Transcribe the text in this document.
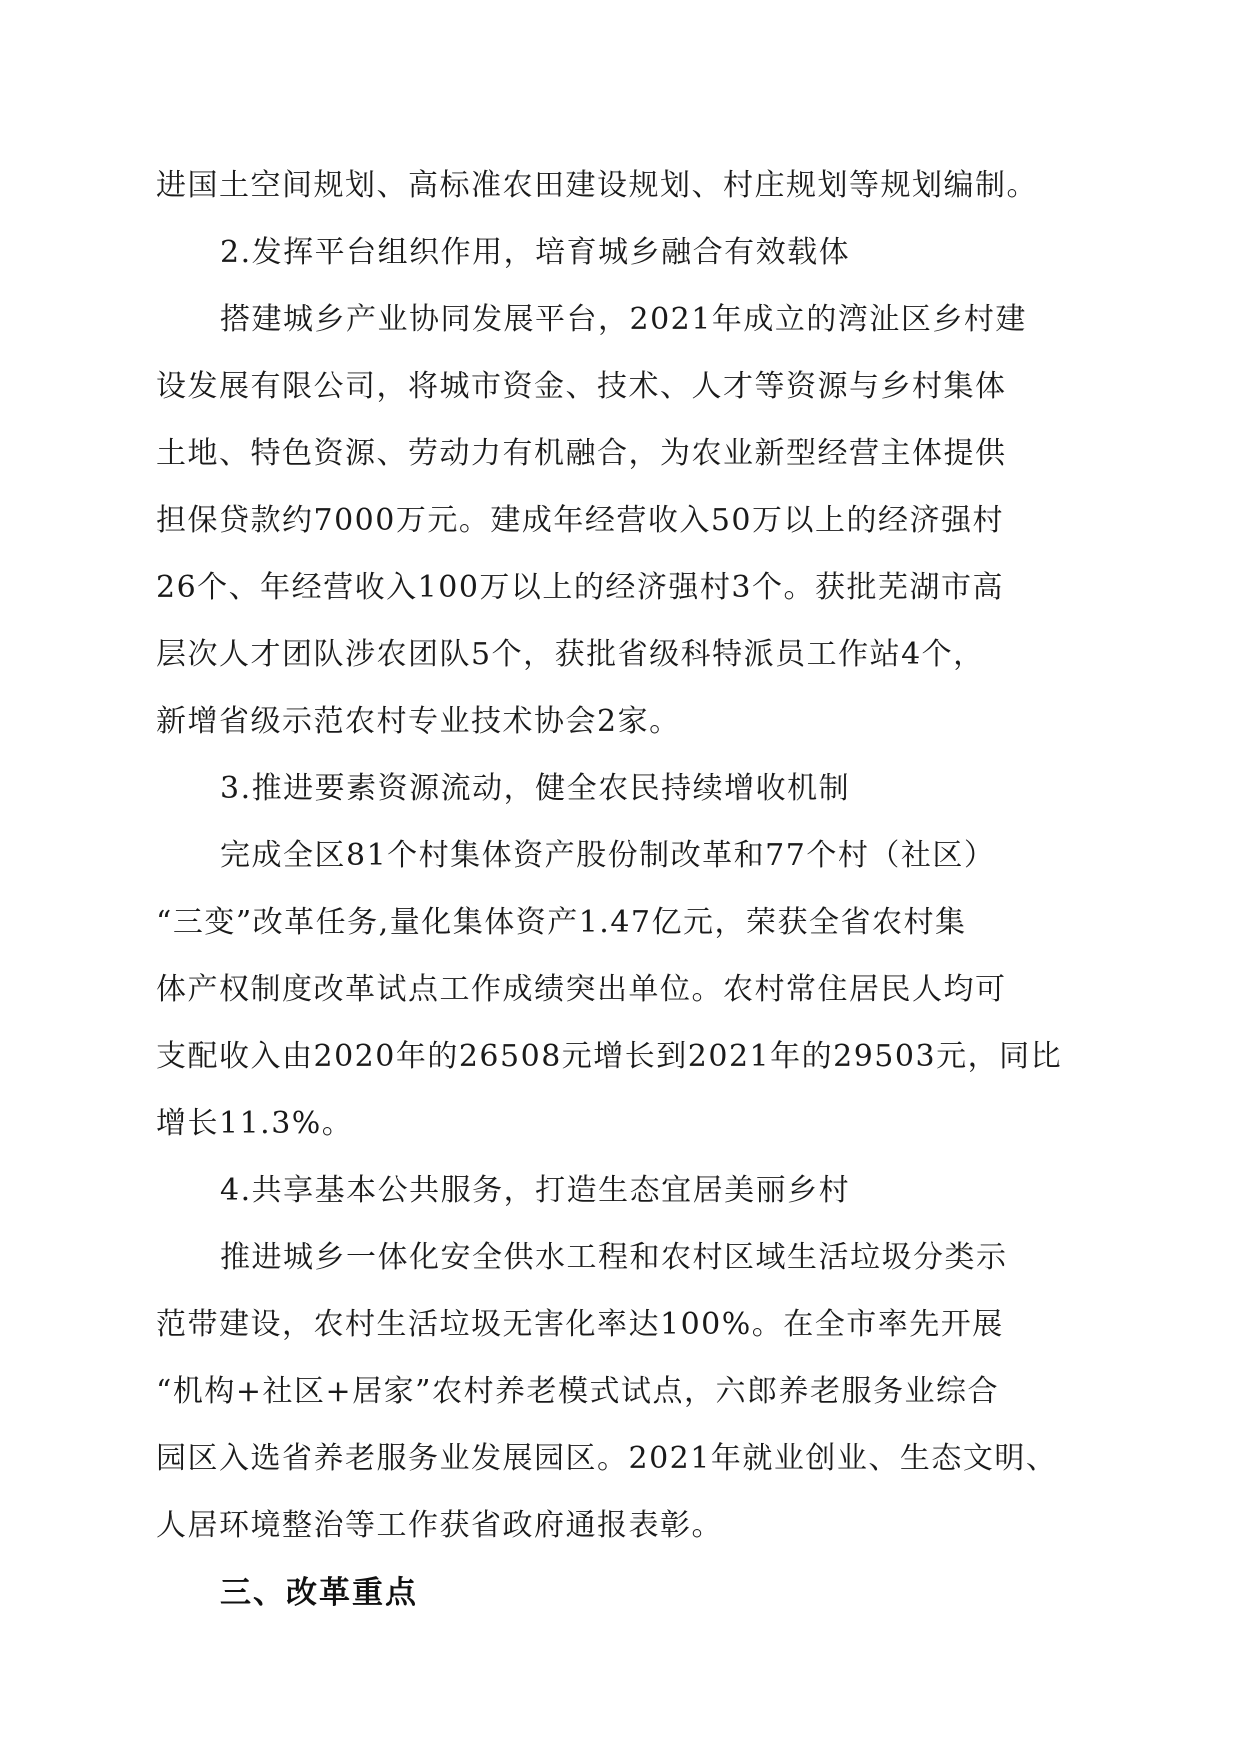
进国土空间规划、高标准农田建设规划、村庄规划等规划编制。
2.发挥平台组织作用，培育城乡融合有效载体
搭建城乡产业协同发展平台，2021年成立的湾沚区乡村建
设发展有限公司，将城市资金、技术、人才等资源与乡村集体
土地、特色资源、劳动力有机融合，为农业新型经营主体提供
担保贷款约7000万元。建成年经营收入50万以上的经济强村
26个、年经营收入100万以上的经济强村3个。获批芜湖市高
层次人才团队涉农团队5个，获批省级科特派员工作站4个，
新增省级示范农村专业技术协会2家。
3.推进要素资源流动，健全农民持续增收机制
完成全区81个村集体资产股份制改革和77个村（社区）
“三变”改革任务,量化集体资产1.47亿元，荣获全省农村集
体产权制度改革试点工作成绩突出单位。农村常住居民人均可
支配收入由2020年的26508元增长到2021年的29503元，同比
增长11.3%。
4.共享基本公共服务，打造生态宜居美丽乡村
推进城乡一体化安全供水工程和农村区域生活垃圾分类示
范带建设，农村生活垃圾无害化率达100%。在全市率先开展
“机构+社区+居家”农村养老模式试点，六郎养老服务业综合
园区入选省养老服务业发展园区。2021年就业创业、生态文明、
人居环境整治等工作获省政府通报表彰。
三、改革重点
